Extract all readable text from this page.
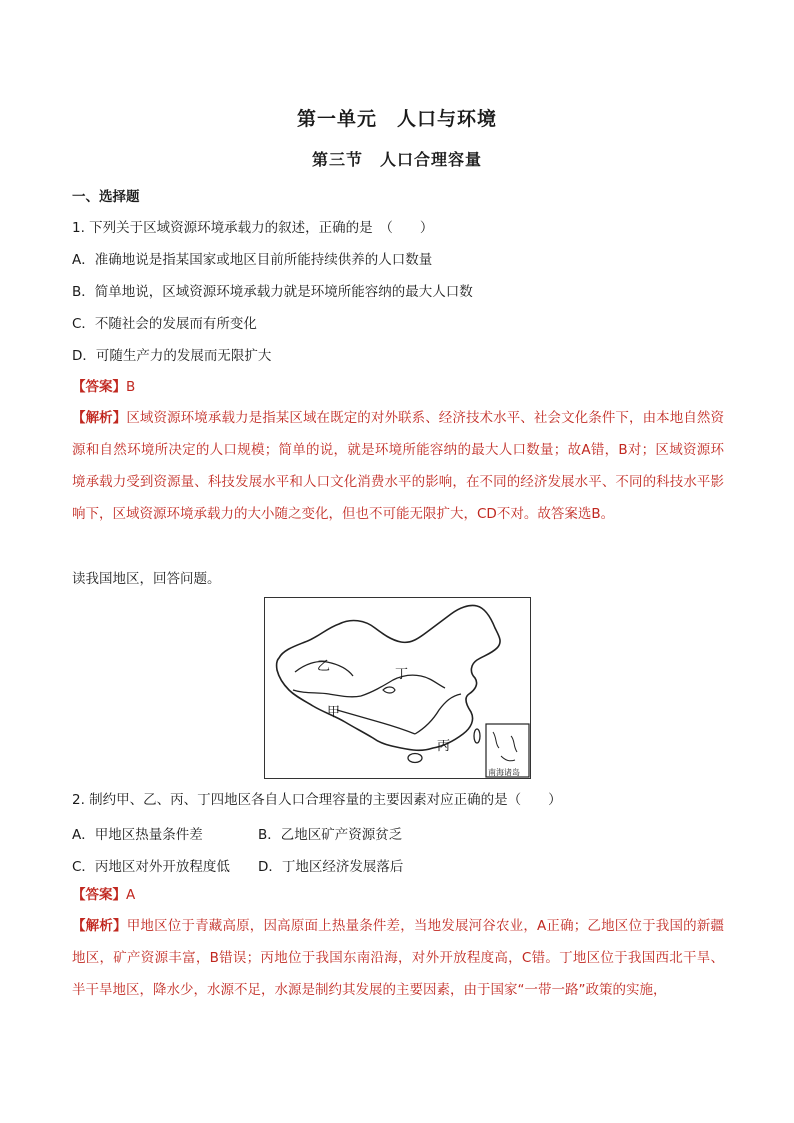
第一单元　人口与环境
第三节　人口合理容量
一、选择题
1. 下列关于区域资源环境承载力的叙述，正确的是　（　　）
A．准确地说是指某国家或地区目前所能持续供养的人口数量
B．简单地说，区域资源环境承载力就是环境所能容纳的最大人口数
C．不随社会的发展而有所变化
D．可随生产力的发展而无限扩大
【答案】B
【解析】区域资源环境承载力是指某区域在既定的对外联系、经济技术水平、社会文化条件下，由本地自然资源和自然环境所决定的人口规模；简单的说，就是环境所能容纳的最大人口数量；故A错，B对；区域资源环境承载力受到资源量、科技发展水平和人口文化消费水平的影响，在不同的经济发展水平、不同的科技水平影响下，区域资源环境承载力的大小随之变化，但也不可能无限扩大，CD不对。故答案选B。
读我国地区，回答问题。
南海诸岛
乙
丁
甲
丙
2. 制约甲、乙、丙、丁四地区各自人口合理容量的主要因素对应正确的是（　　）
A．甲地区热量条件差	B．乙地区矿产资源贫乏
C．丙地区对外开放程度低 D．丁地区经济发展落后
【答案】A
【解析】甲地区位于青藏高原，因高原面上热量条件差，当地发展河谷农业，A正确；乙地区位于我国的新疆地区，矿产资源丰富，B错误；丙地位于我国东南沿海，对外开放程度高，C错。丁地区位于我国西北干旱、半干旱地区，降水少，水源不足，水源是制约其发展的主要因素，由于国家“一带一路”政策的实施，
